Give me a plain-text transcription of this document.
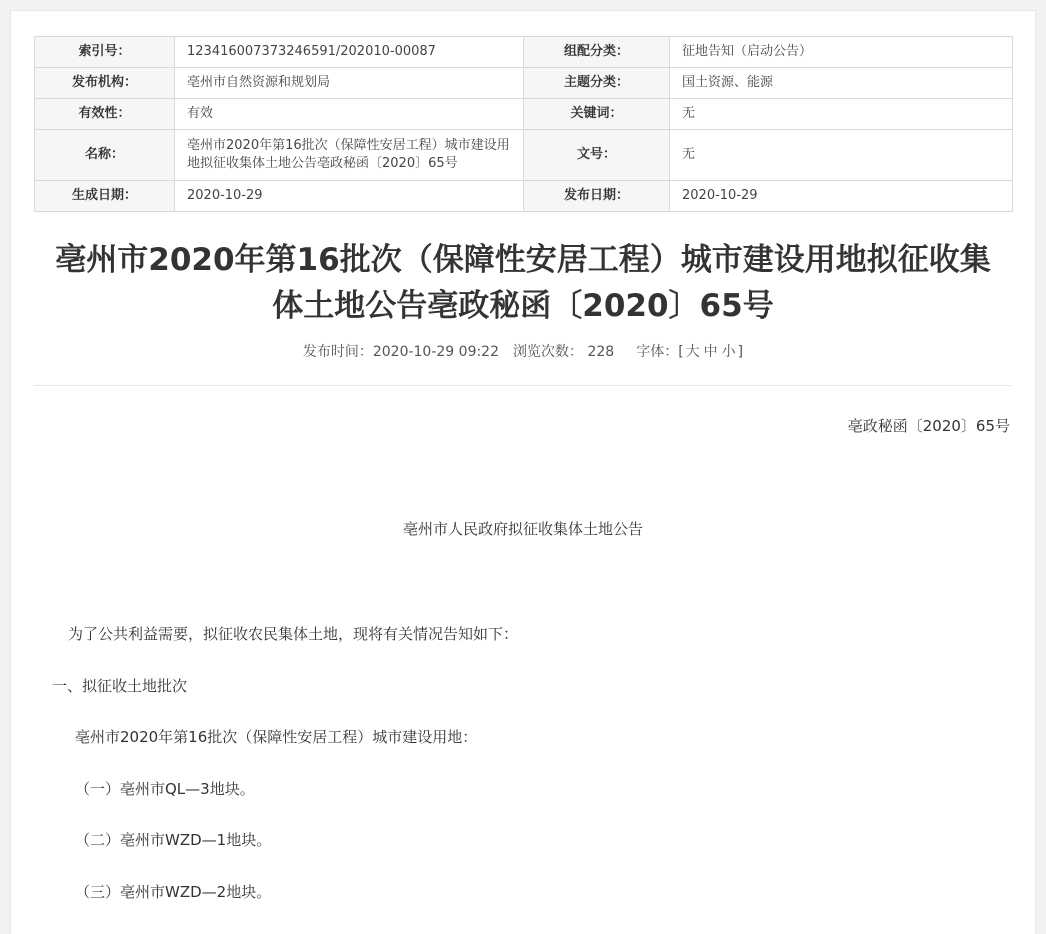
索引号：	123416007373246591/202010-00087	组配分类：	征地告知（启动公告）
发布机构：	亳州市自然资源和规划局	主题分类：	国土资源、能源
有效性：	有效	关键词：	无
名称：	亳州市2020年第16批次（保障性安居工程）城市建设用地拟征收集体土地公告亳政秘函〔2020〕65号	文号：	无
生成日期：	2020-10-29	发布日期：	2020-10-29
亳州市2020年第16批次（保障性安居工程）城市建设用地拟征收集
体土地公告亳政秘函〔2020〕65号
发布时间：2020-10-29 09:22 浏览次数： 228 字体：[ 大 中 小 ]
亳政秘函〔2020〕65号
亳州市人民政府拟征收集体土地公告
为了公共利益需要，拟征收农民集体土地，现将有关情况告知如下：
一、拟征收土地批次
亳州市2020年第16批次（保障性安居工程）城市建设用地：
（一）亳州市QL—3地块。
（二）亳州市WZD—1地块。
（三）亳州市WZD—2地块。
